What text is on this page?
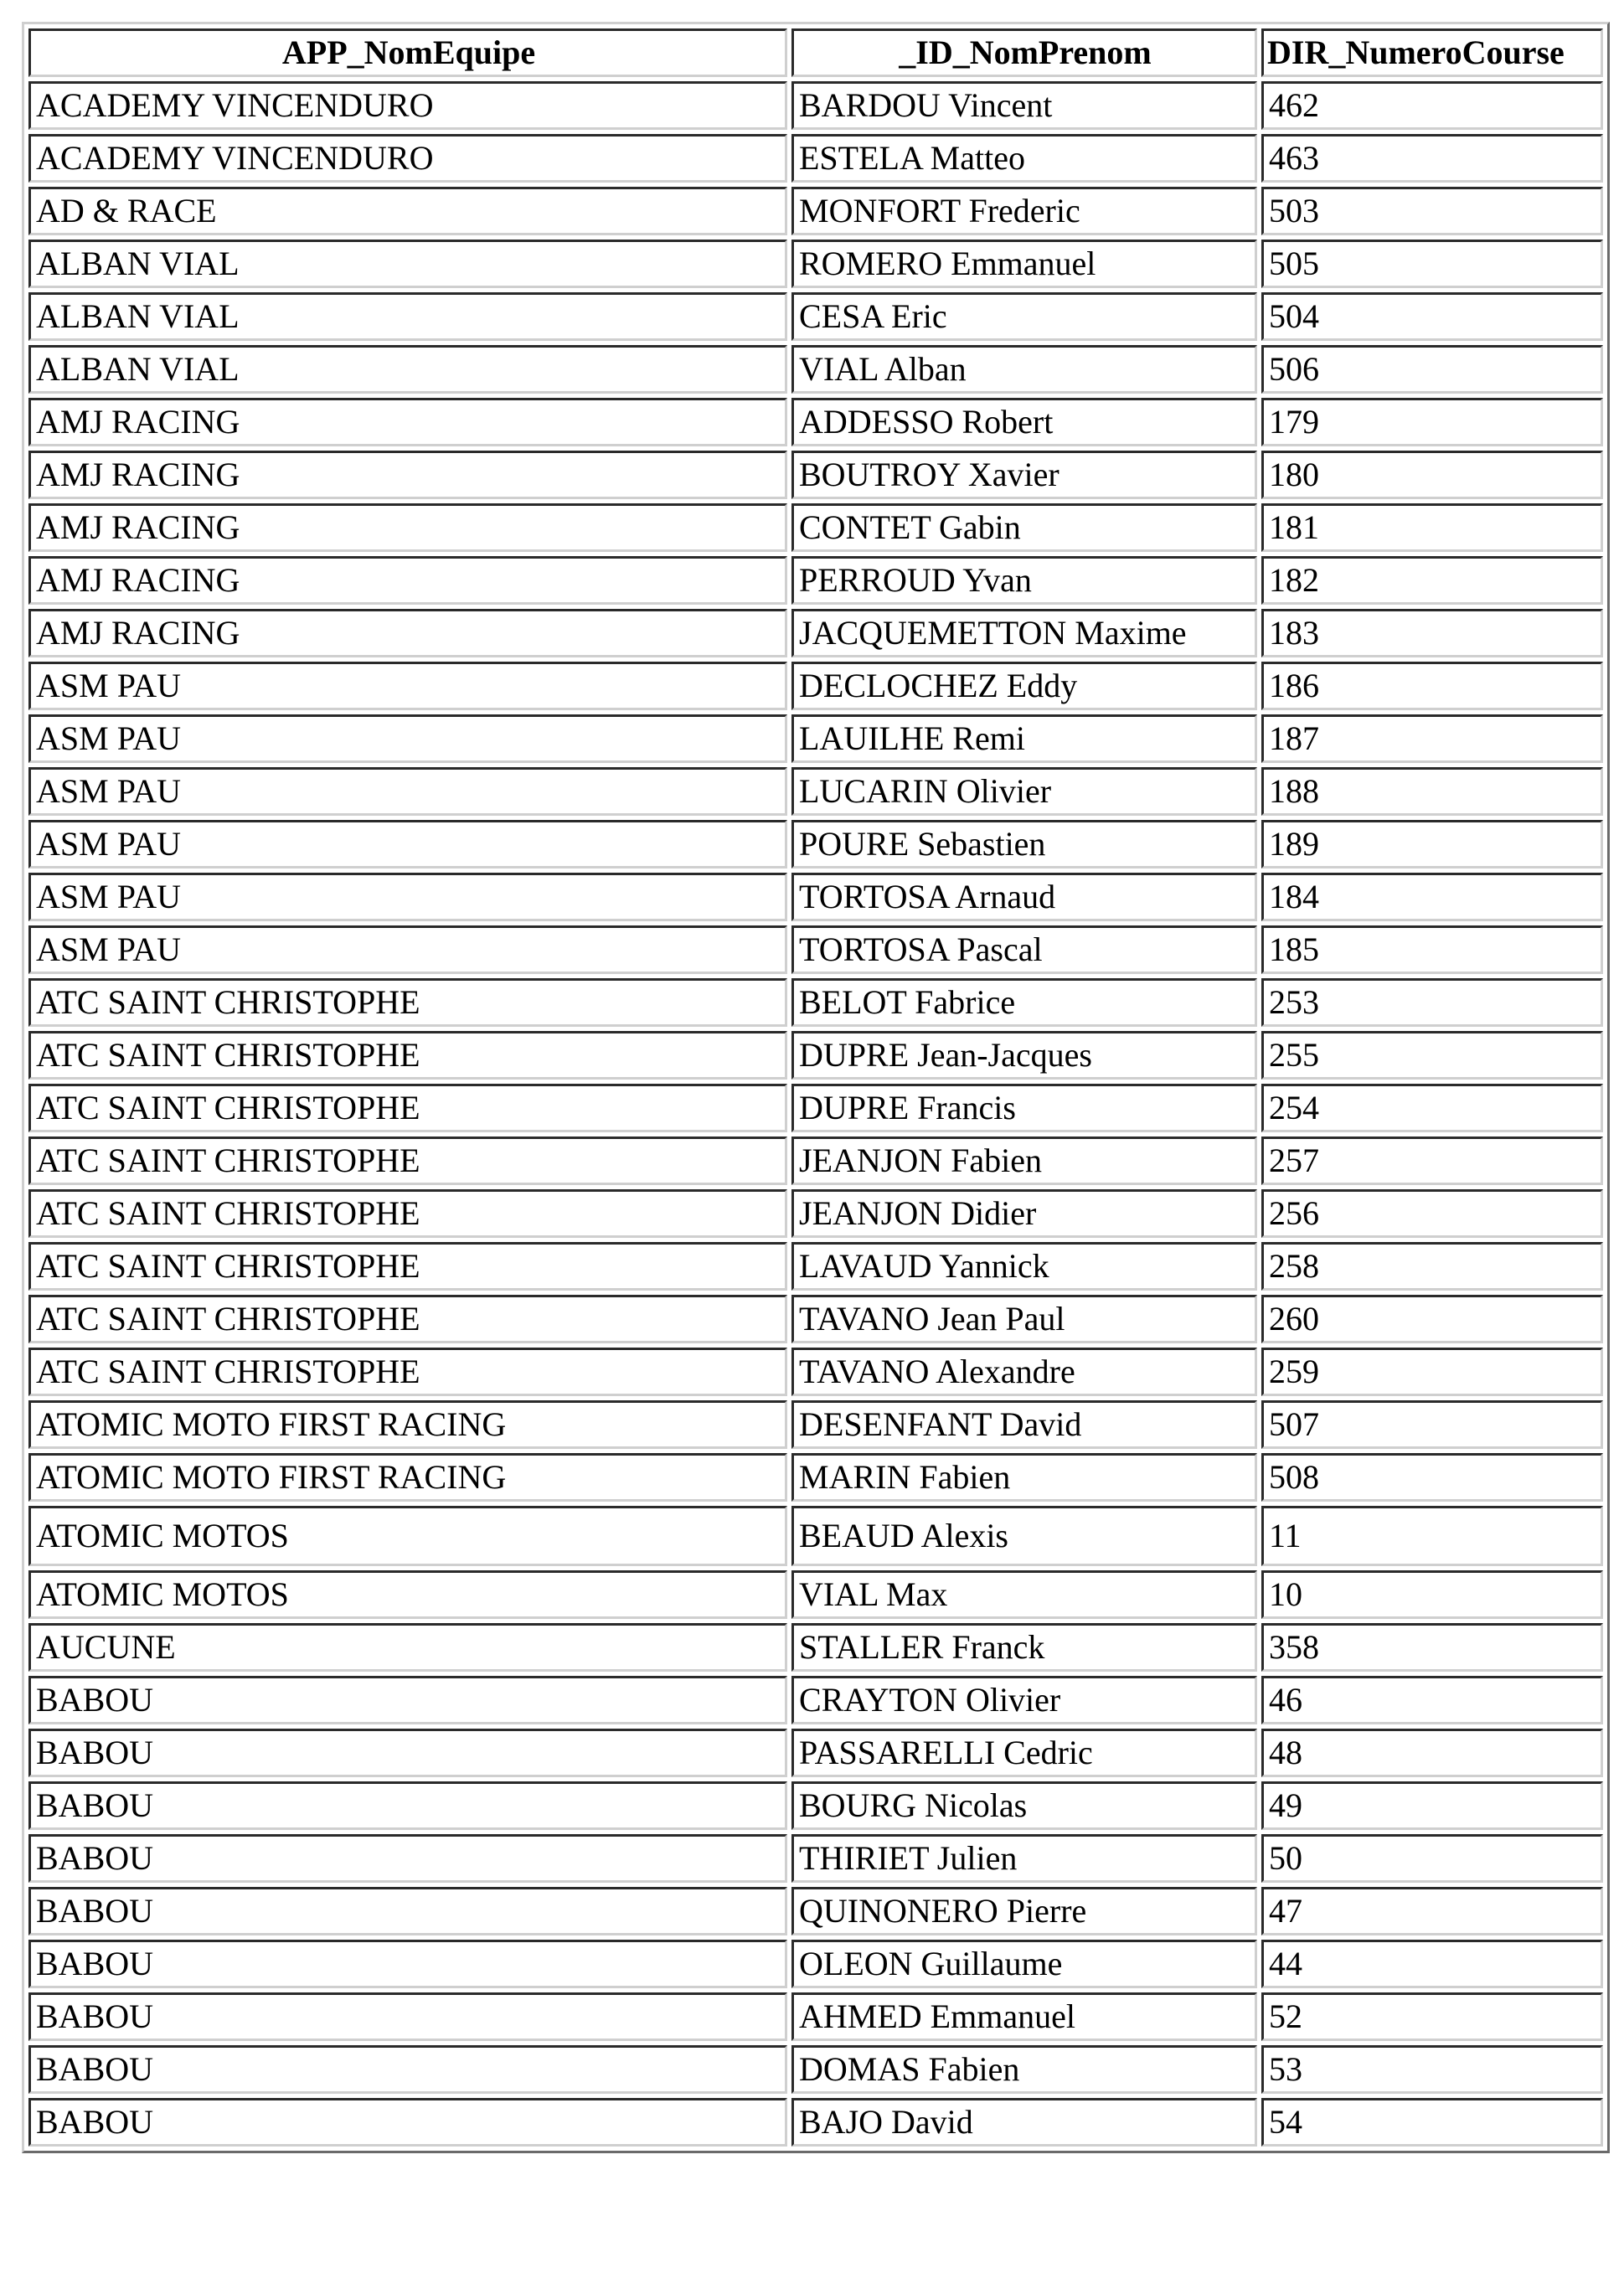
APP_NomEquipe	_ID_NomPrenom	DIR_NumeroCourse
ACADEMY VINCENDURO	BARDOU Vincent	462
ACADEMY VINCENDURO	ESTELA Matteo	463
AD & RACE	MONFORT Frederic	503
ALBAN VIAL	ROMERO Emmanuel	505
ALBAN VIAL	CESA Eric	504
ALBAN VIAL	VIAL Alban	506
AMJ RACING	ADDESSO Robert	179
AMJ RACING	BOUTROY Xavier	180
AMJ RACING	CONTET Gabin	181
AMJ RACING	PERROUD Yvan	182
AMJ RACING	JACQUEMETTON Maxime	183
ASM PAU	DECLOCHEZ Eddy	186
ASM PAU	LAUILHE Remi	187
ASM PAU	LUCARIN Olivier	188
ASM PAU	POURE Sebastien	189
ASM PAU	TORTOSA Arnaud	184
ASM PAU	TORTOSA Pascal	185
ATC SAINT CHRISTOPHE	BELOT Fabrice	253
ATC SAINT CHRISTOPHE	DUPRE Jean-Jacques	255
ATC SAINT CHRISTOPHE	DUPRE Francis	254
ATC SAINT CHRISTOPHE	JEANJON Fabien	257
ATC SAINT CHRISTOPHE	JEANJON Didier	256
ATC SAINT CHRISTOPHE	LAVAUD Yannick	258
ATC SAINT CHRISTOPHE	TAVANO Jean Paul	260
ATC SAINT CHRISTOPHE	TAVANO Alexandre	259
ATOMIC MOTO FIRST RACING	DESENFANT David	507
ATOMIC MOTO FIRST RACING	MARIN Fabien	508
ATOMIC MOTOS	BEAUD Alexis	11
ATOMIC MOTOS	VIAL Max	10
AUCUNE	STALLER Franck	358
BABOU	CRAYTON Olivier	46
BABOU	PASSARELLI Cedric	48
BABOU	BOURG Nicolas	49
BABOU	THIRIET Julien	50
BABOU	QUINONERO Pierre	47
BABOU	OLEON Guillaume	44
BABOU	AHMED Emmanuel	52
BABOU	DOMAS Fabien	53
BABOU	BAJO David	54
